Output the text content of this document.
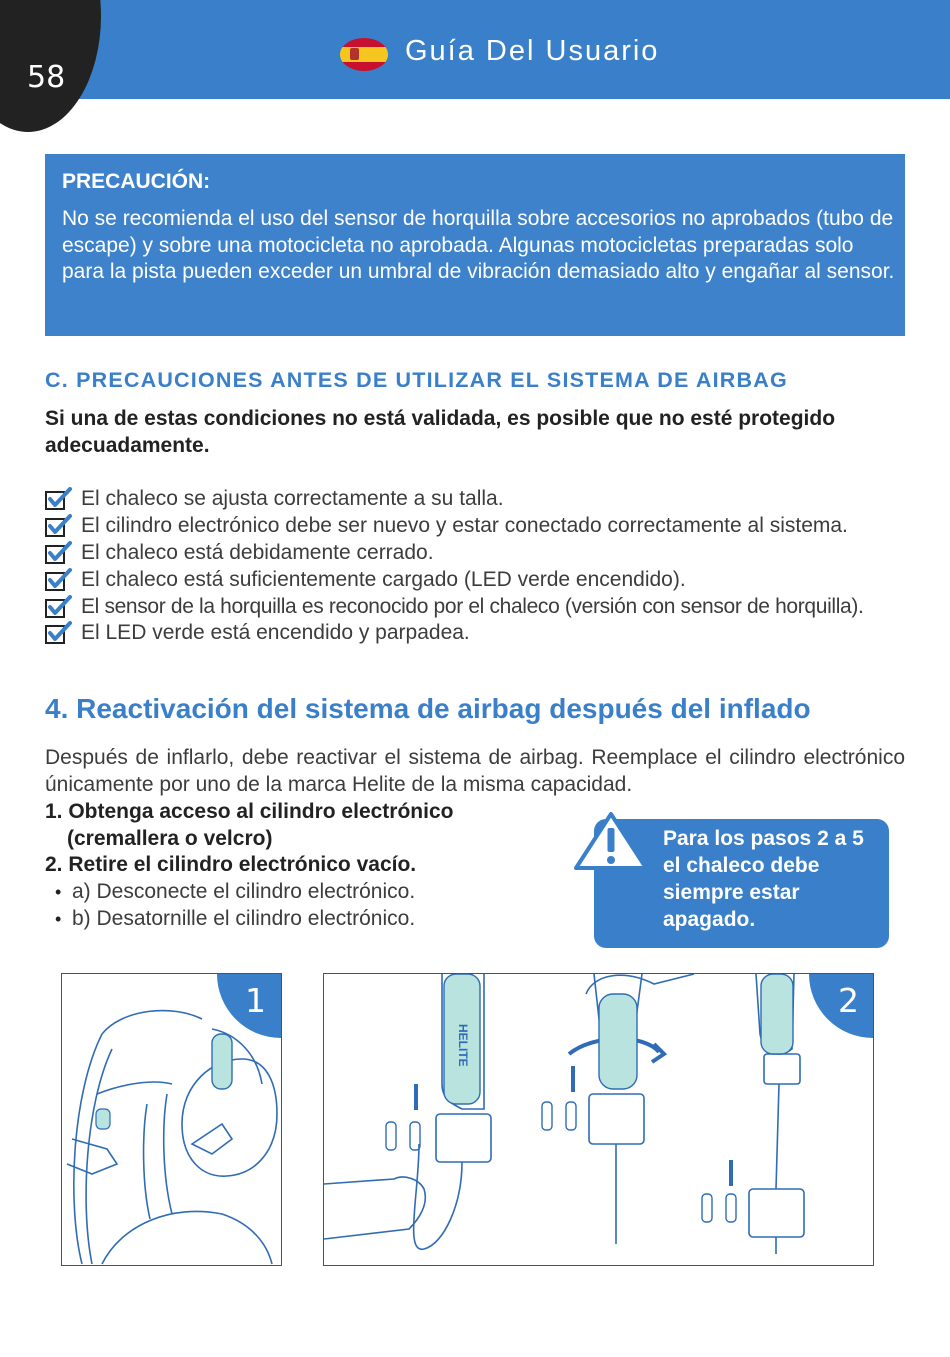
58
Guía Del Usuario
PRECAUCIÓN:
No se recomienda el uso del sensor de horquilla sobre accesorios no aprobados (tubo de escape) y sobre una motocicleta no aprobada. Algunas motocicletas preparadas solo para la pista pueden exceder un umbral de vibración demasiado alto y engañar al sensor.
C. PRECAUCIONES ANTES DE UTILIZAR EL SISTEMA DE AIRBAG
Si una de estas condiciones no está validada, es posible que no esté protegido adecuadamente.
El chaleco se ajusta correctamente a su talla.
El cilindro electrónico debe ser nuevo y estar conectado correctamente al sistema.
El chaleco está debidamente cerrado.
El chaleco está suficientemente cargado (LED verde encendido).
El sensor de la horquilla es reconocido por el chaleco (versión con sensor de horquilla).
El LED verde está encendido y parpadea.
4. Reactivación del sistema de airbag después del inflado
Después de inflarlo, debe reactivar el sistema de airbag. Reemplace el cilindro electrónico únicamente por uno de la marca Helite de la misma capacidad.
1. Obtenga acceso al cilindro electrónico
(cremallera o velcro)
2. Retire el cilindro electrónico vacío.
• a) Desconecte el cilindro electrónico.
• b) Desatornille el cilindro electrónico.
Para los pasos 2 a 5 el chaleco debe siempre estar apagado.
1
HELITE
2
